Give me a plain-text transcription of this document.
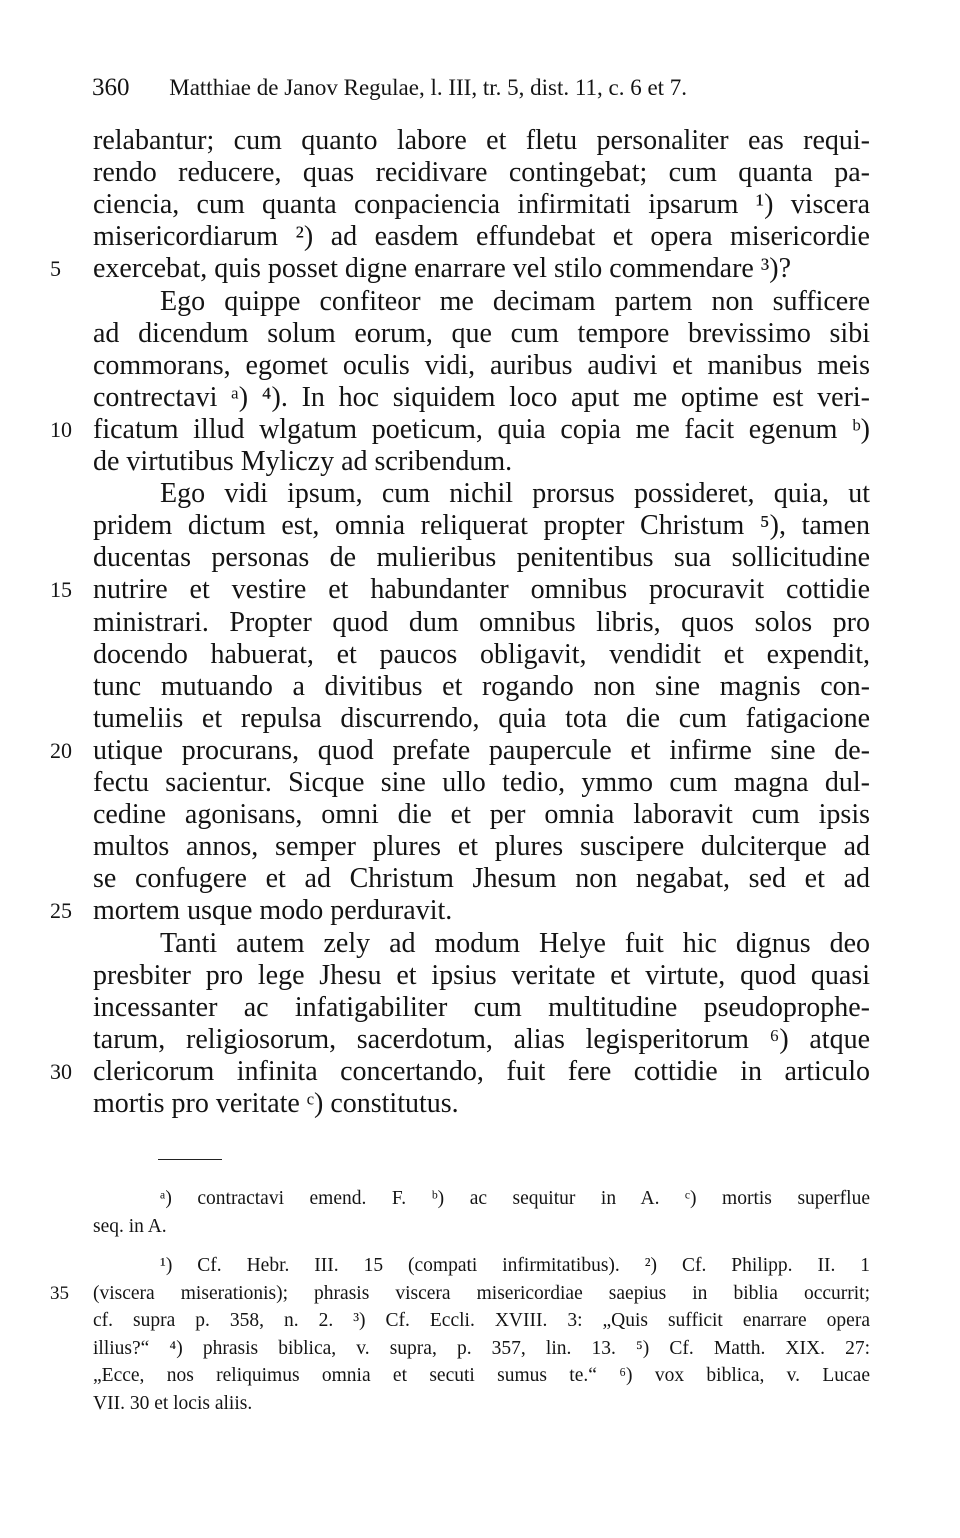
360 Matthiae de Janov Regulae, l. III, tr. 5, dist. 11, c. 6 et 7.
relabantur; cum quanto labore et fletu personaliter eas requi-
rendo reducere, quas recidivare contingebat; cum quanta pa-
ciencia, cum quanta conpaciencia infirmitati ipsarum ¹) viscera
misericordiarum ²) ad easdem effundebat et opera misericordie
exercebat, quis posset digne enarrare vel stilo commendare ³)?
5
Ego quippe confiteor me decimam partem non sufficere
ad dicendum solum eorum, que cum tempore brevissimo sibi
commorans, egomet oculis vidi, auribus audivi et manibus meis
contrectavi ᵃ) ⁴). In hoc siquidem loco aput me optime est veri-
ficatum illud wlgatum poeticum, quia copia me facit egenum ᵇ)
10
de virtutibus Myliczy ad scribendum.
Ego vidi ipsum, cum nichil prorsus possideret, quia, ut
pridem dictum est, omnia reliquerat propter Christum ⁵), tamen
ducentas personas de mulieribus penitentibus sua sollicitudine
nutrire et vestire et habundanter omnibus procuravit cottidie
15
ministrari. Propter quod dum omnibus libris, quos solos pro
docendo habuerat, et paucos obligavit, vendidit et expendit,
tunc mutuando a divitibus et rogando non sine magnis con-
tumeliis et repulsa discurrendo, quia tota die cum fatigacione
utique procurans, quod prefate paupercule et infirme sine de-
20
fectu sacientur. Sicque sine ullo tedio, ymmo cum magna dul-
cedine agonisans, omni die et per omnia laboravit cum ipsis
multos annos, semper plures et plures suscipere dulciterque ad
se confugere et ad Christum Jhesum non negabat, sed et ad
mortem usque modo perduravit.
25
Tanti autem zely ad modum Helye fuit hic dignus deo
presbiter pro lege Jhesu et ipsius veritate et virtute, quod quasi
incessanter ac infatigabiliter cum multitudine pseudoprophe-
tarum, religiosorum, sacerdotum, alias legisperitorum ⁶) atque
clericorum infinita concertando, fuit fere cottidie in articulo
30
mortis pro veritate ᶜ) constitutus.
ᵃ) contractavi emend. F. ᵇ) ac sequitur in A. ᶜ) mortis superflue
seq. in A.
¹) Cf. Hebr. III. 15 (compati infirmitatibus). ²) Cf. Philipp. II. 1
(viscera miserationis); phrasis viscera misericordiae saepius in biblia occurrit;
35
cf. supra p. 358, n. 2. ³) Cf. Eccli. XVIII. 3: „Quis sufficit enarrare opera
illius?“ ⁴) phrasis biblica, v. supra, p. 357, lin. 13. ⁵) Cf. Matth. XIX. 27:
„Ecce, nos reliquimus omnia et secuti sumus te.“ ⁶) vox biblica, v. Lucae
VII. 30 et locis aliis.
